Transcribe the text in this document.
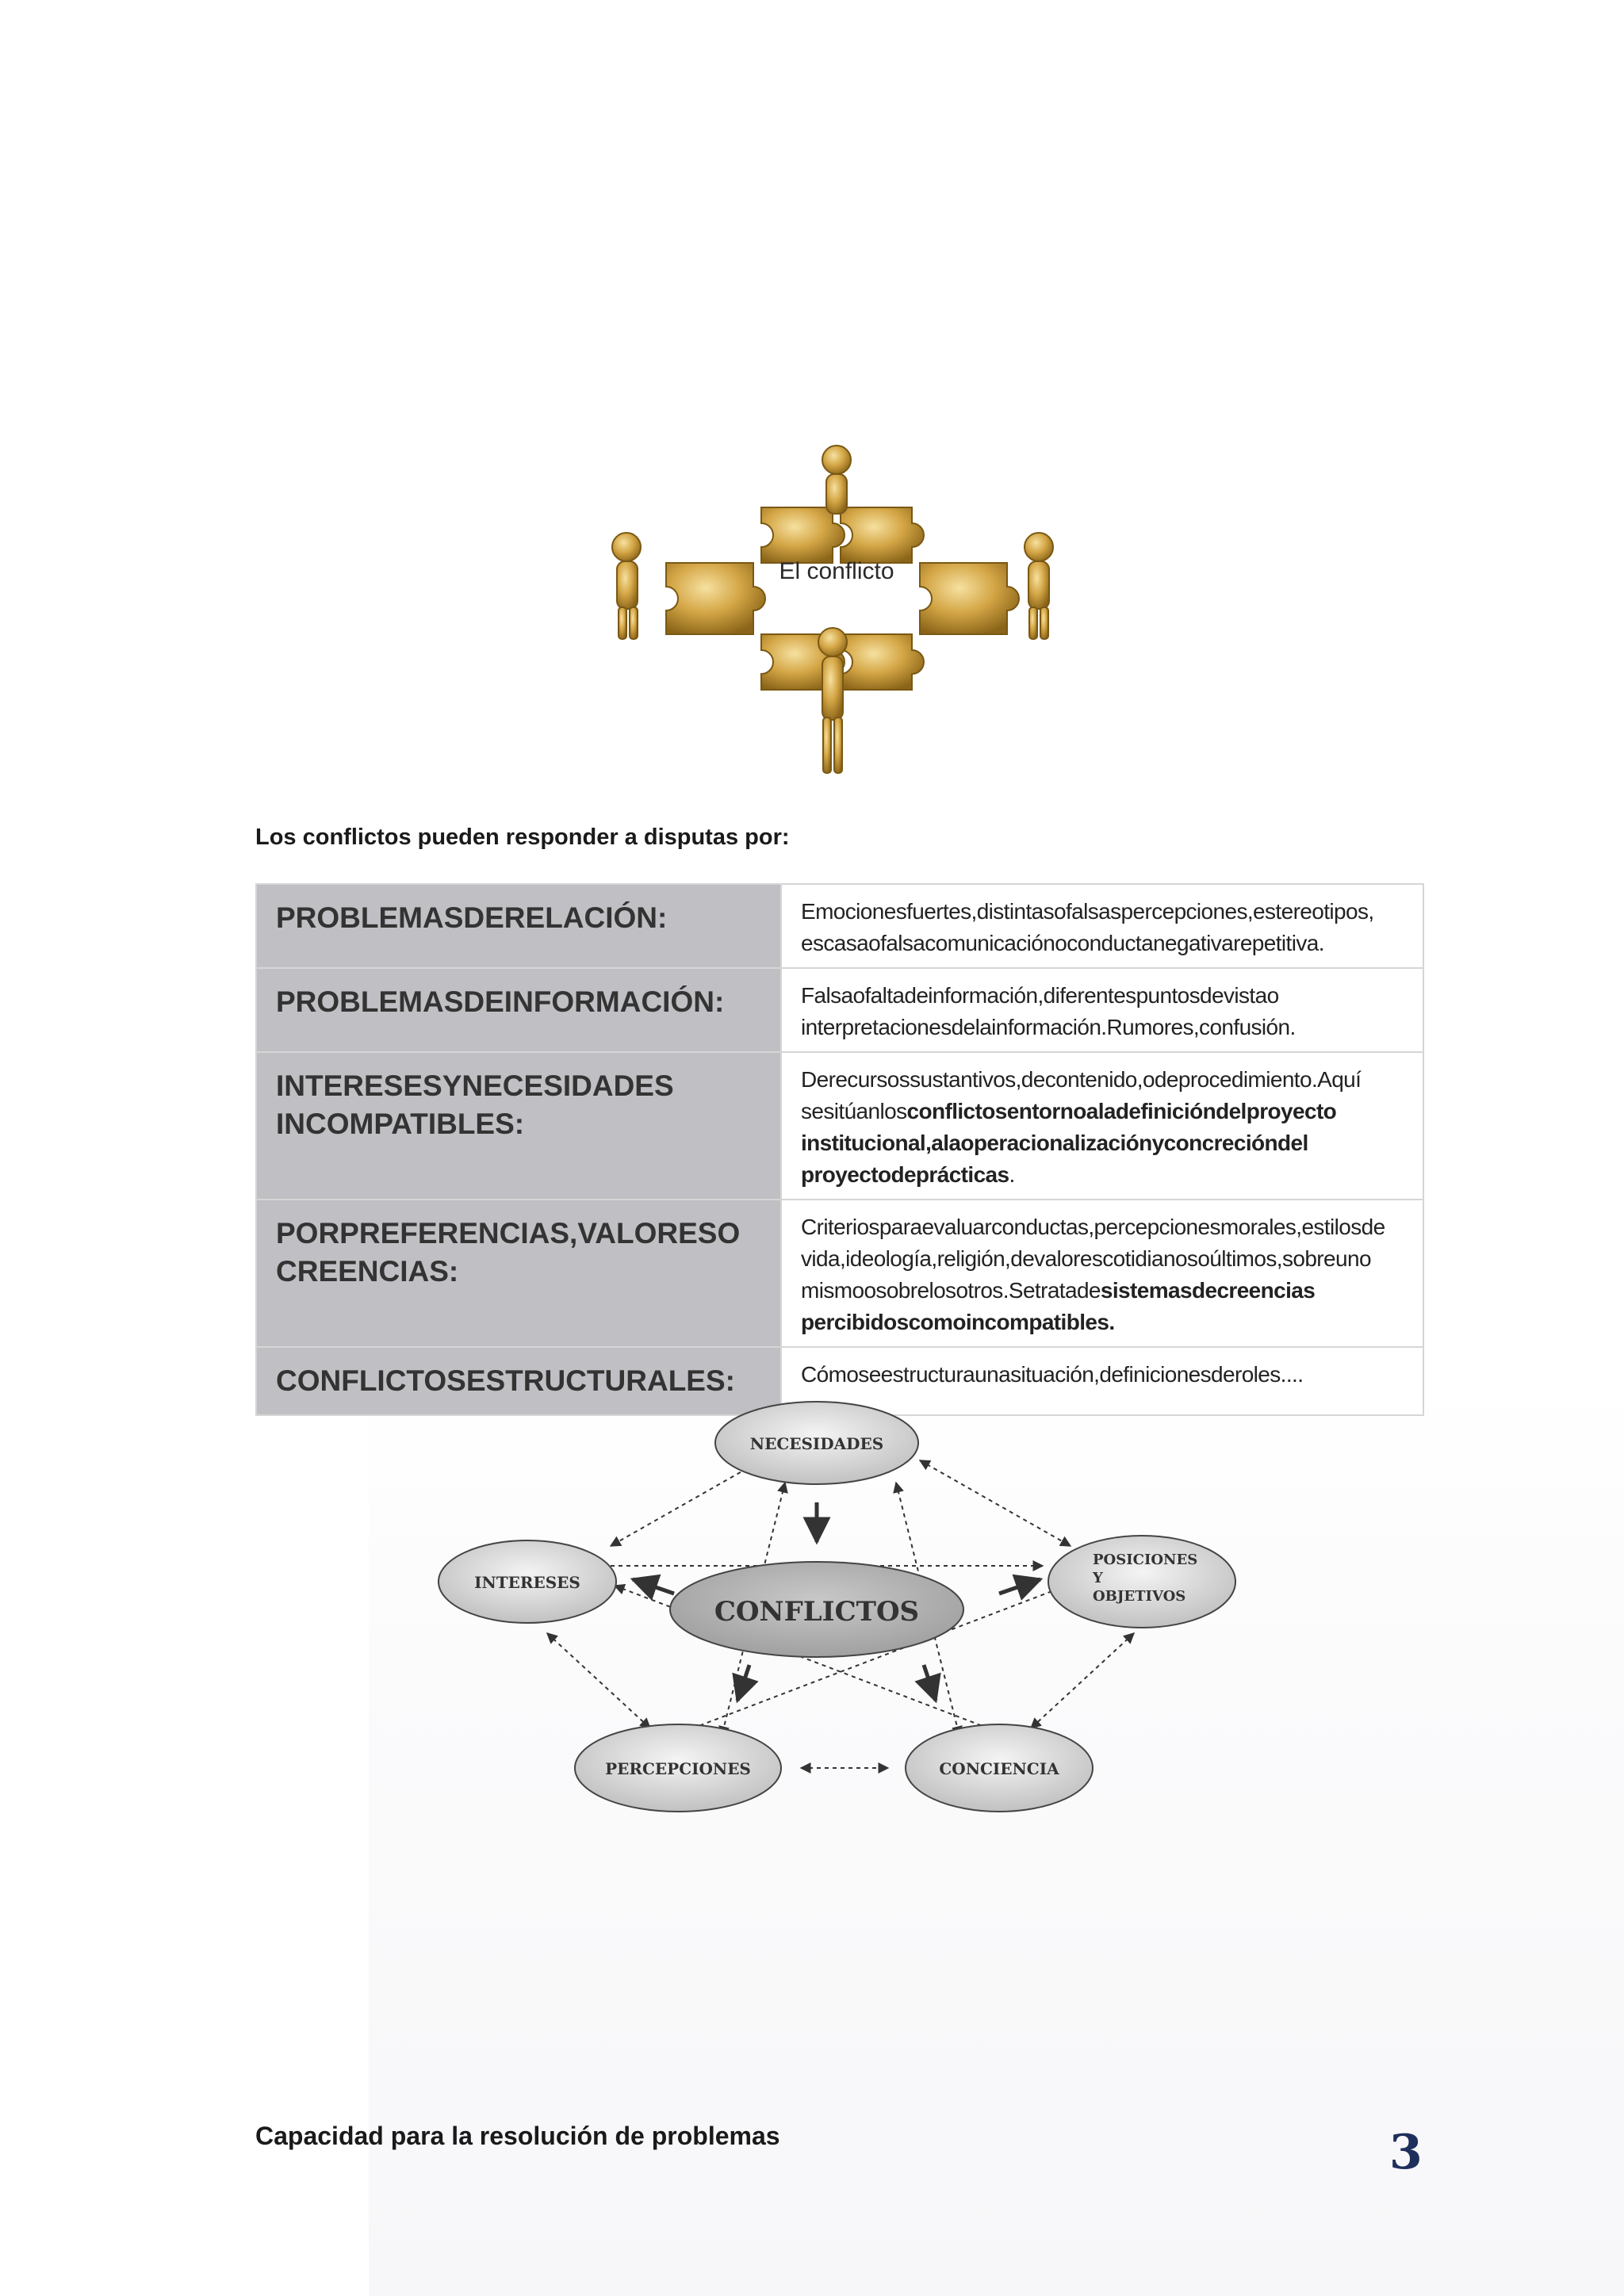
El conflicto
Los conflictos pueden responder a disputas por:
PROBLEMASDERELACIÓN:	Emocionesfuertes,distintasofalsaspercepciones,estereotipos, escasaofalsacomunicaciónoconductanegativarepetitiva.
PROBLEMASDEINFORMACIÓN:	Falsaofaltadeinformación,diferentespuntosdevistao interpretacionesdelainformación.Rumores,confusión.
INTERESESYNECESIDADES INCOMPATIBLES:	Derecursossustantivos,decontenido,odeprocedimiento.Aquí sesitúanlosconflictosentornoaladefinicióndelproyecto institucional,alaoperacionalizaciónyconcrecióndel proyectodeprácticas.
PORPREFERENCIAS,VALORESO CREENCIAS:	Criteriosparaevaluarconductas,percepcionesmorales,estilosde vida,ideología,religión,devalorescotidianosoúltimos,sobreuno mismoosobrelosotros.Setratadesistemasdecreencias percibidoscomoincompatibles.
CONFLICTOSESTRUCTURALES:	Cómoseestructuraunasituación,definicionesderoles....
NECESIDADES
INTERESES
POSICIONES
Y
OBJETIVOS
CONFLICTOS
PERCEPCIONES	CONCIENCIA
Capacidad para la resolución de problemas	3
